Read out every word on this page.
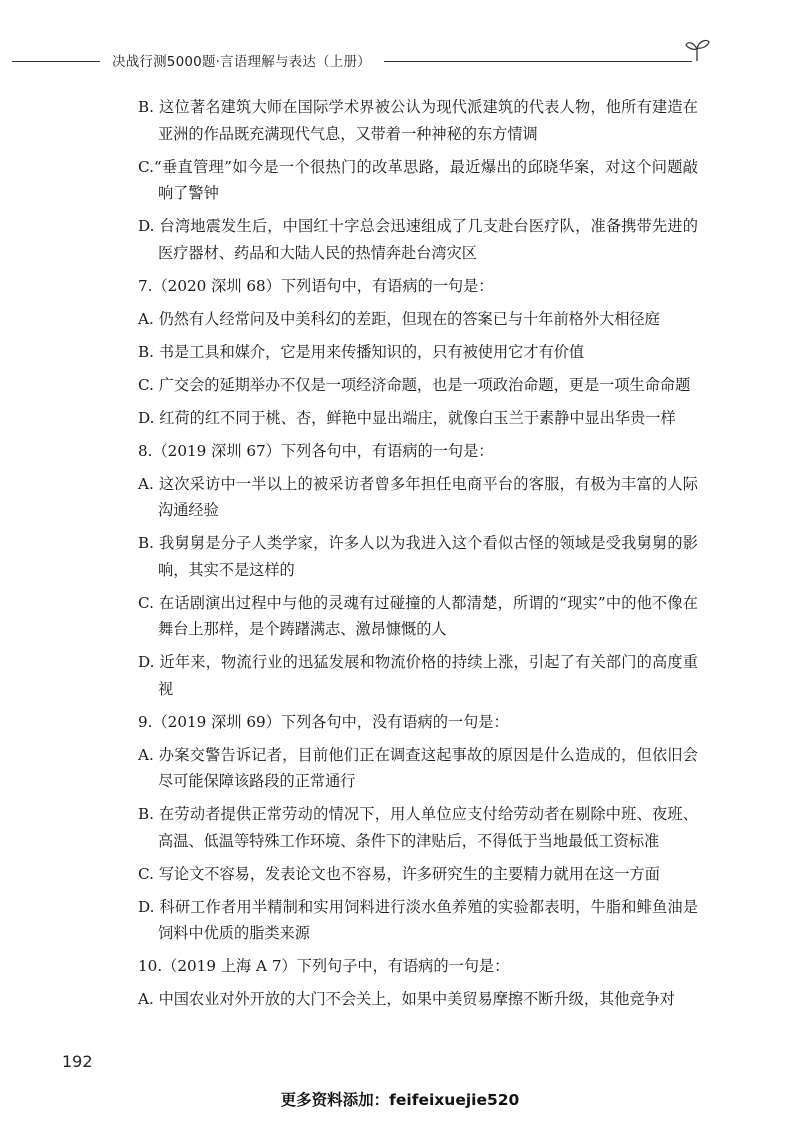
决战行测5000题·言语理解与表达（上册）
B. 这位著名建筑大师在国际学术界被公认为现代派建筑的代表人物，他所有建造在亚洲的作品既充满现代气息，又带着一种神秘的东方情调
C.“垂直管理”如今是一个很热门的改革思路，最近爆出的邱晓华案，对这个问题敲响了警钟
D. 台湾地震发生后，中国红十字总会迅速组成了几支赴台医疗队，准备携带先进的医疗器材、药品和大陆人民的热情奔赴台湾灾区
7.（2020 深圳 68）下列语句中，有语病的一句是：
A. 仍然有人经常问及中美科幻的差距，但现在的答案已与十年前格外大相径庭
B. 书是工具和媒介，它是用来传播知识的，只有被使用它才有价值
C. 广交会的延期举办不仅是一项经济命题，也是一项政治命题，更是一项生命命题
D. 红荷的红不同于桃、杏，鲜艳中显出端庄，就像白玉兰于素静中显出华贵一样
8.（2019 深圳 67）下列各句中，有语病的一句是：
A. 这次采访中一半以上的被采访者曾多年担任电商平台的客服，有极为丰富的人际沟通经验
B. 我舅舅是分子人类学家，许多人以为我进入这个看似古怪的领域是受我舅舅的影响，其实不是这样的
C. 在话剧演出过程中与他的灵魂有过碰撞的人都清楚，所谓的“现实”中的他不像在舞台上那样，是个踌躇满志、激昂慷慨的人
D. 近年来，物流行业的迅猛发展和物流价格的持续上涨，引起了有关部门的高度重视
9.（2019 深圳 69）下列各句中，没有语病的一句是：
A. 办案交警告诉记者，目前他们正在调查这起事故的原因是什么造成的，但依旧会尽可能保障该路段的正常通行
B. 在劳动者提供正常劳动的情况下，用人单位应支付给劳动者在剔除中班、夜班、高温、低温等特殊工作环境、条件下的津贴后，不得低于当地最低工资标准
C. 写论文不容易，发表论文也不容易，许多研究生的主要精力就用在这一方面
D. 科研工作者用半精制和实用饲料进行淡水鱼养殖的实验都表明，牛脂和鲱鱼油是饲料中优质的脂类来源
10.（2019 上海 A 7）下列句子中，有语病的一句是：
A. 中国农业对外开放的大门不会关上，如果中美贸易摩擦不断升级，其他竞争对
192
更多资料添加：feifeixuejie520
